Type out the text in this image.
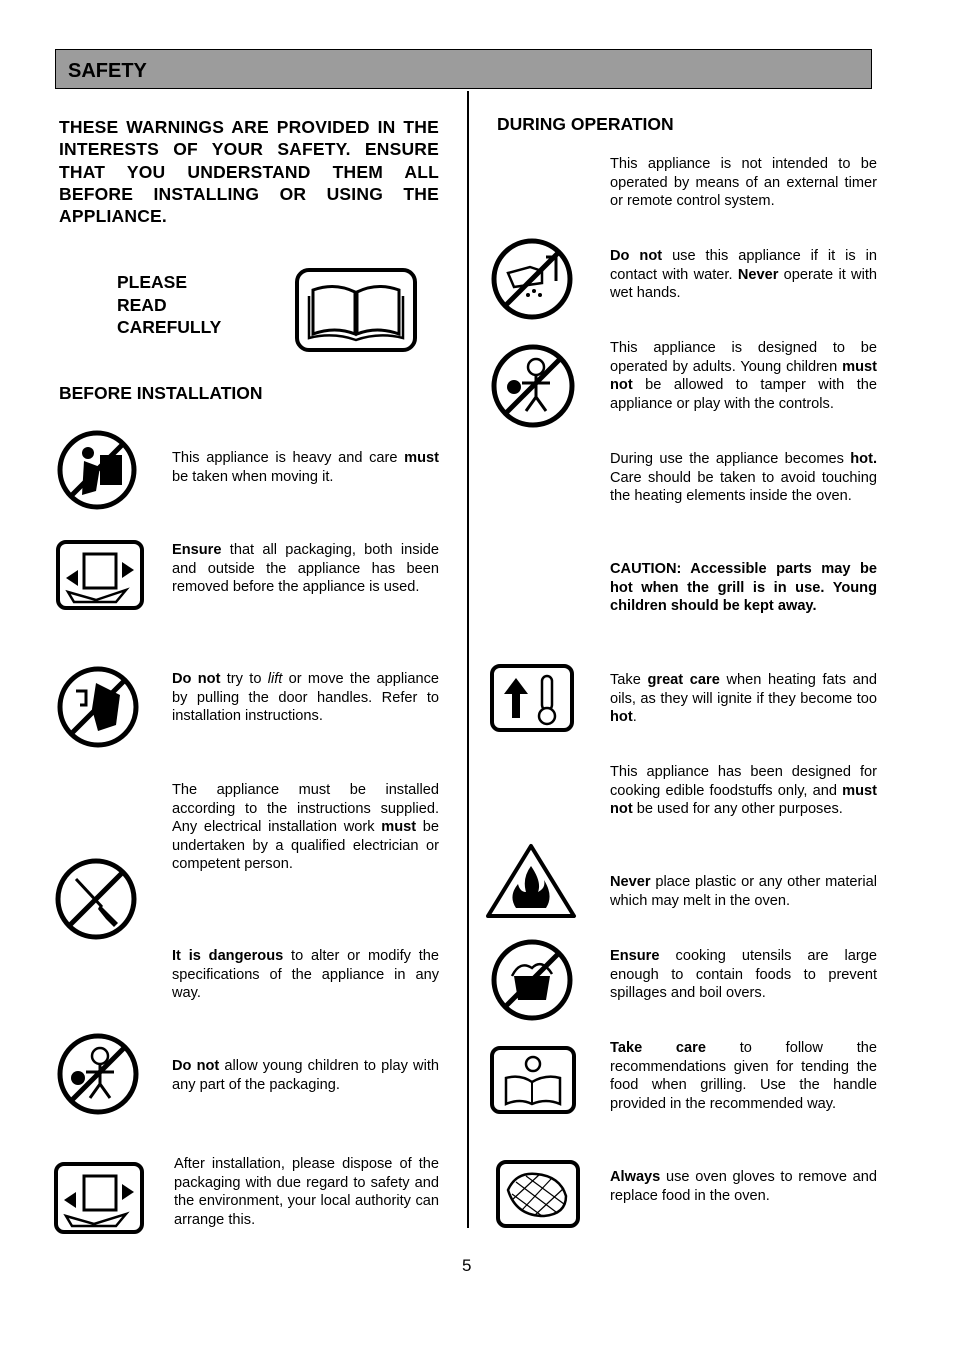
SAFETY
THESE WARNINGS ARE PROVIDED IN THE INTERESTS OF YOUR SAFETY. ENSURE THAT YOU UNDERSTAND THEM ALL BEFORE INSTALLING OR USING THE APPLIANCE.
PLEASE
READ
CAREFULLY
BEFORE INSTALLATION
This appliance is heavy and care must be taken when moving it.
Ensure that all packaging, both inside and outside the appliance has been removed before the appliance is used.
Do not try to lift or move the appliance by pulling the door handles. Refer to installation instructions.
The appliance must be installed according to the instructions supplied. Any electrical installation work must be undertaken by a qualified electrician or competent person.
It is dangerous to alter or modify the specifications of the appliance in any way.
Do not allow young children to play with any part of the packaging.
After installation, please dispose of the packaging with due regard to safety and the environment, your local authority can arrange this.
DURING OPERATION
This appliance is not intended to be operated by means of an external timer or remote control system.
Do not use this appliance if it is in contact with water. Never operate it with wet hands.
This appliance is designed to be operated by adults. Young children must not be allowed to tamper with the appliance or play with the controls.
During use the appliance becomes hot. Care should be taken to avoid touching the heating elements inside the oven.
CAUTION: Accessible parts may be hot when the grill is in use. Young children should be kept away.
Take great care when heating fats and oils, as they will ignite if they become too hot.
This appliance has been designed for cooking edible foodstuffs only, and must not be used for any other purposes.
Never place plastic or any other material which may melt in the oven.
Ensure cooking utensils are large enough to contain foods to prevent spillages and boil overs.
Take care to follow the recommendations given for tending the food when grilling. Use the handle provided in the recommended way.
Always use oven gloves to remove and replace food in the oven.
5
